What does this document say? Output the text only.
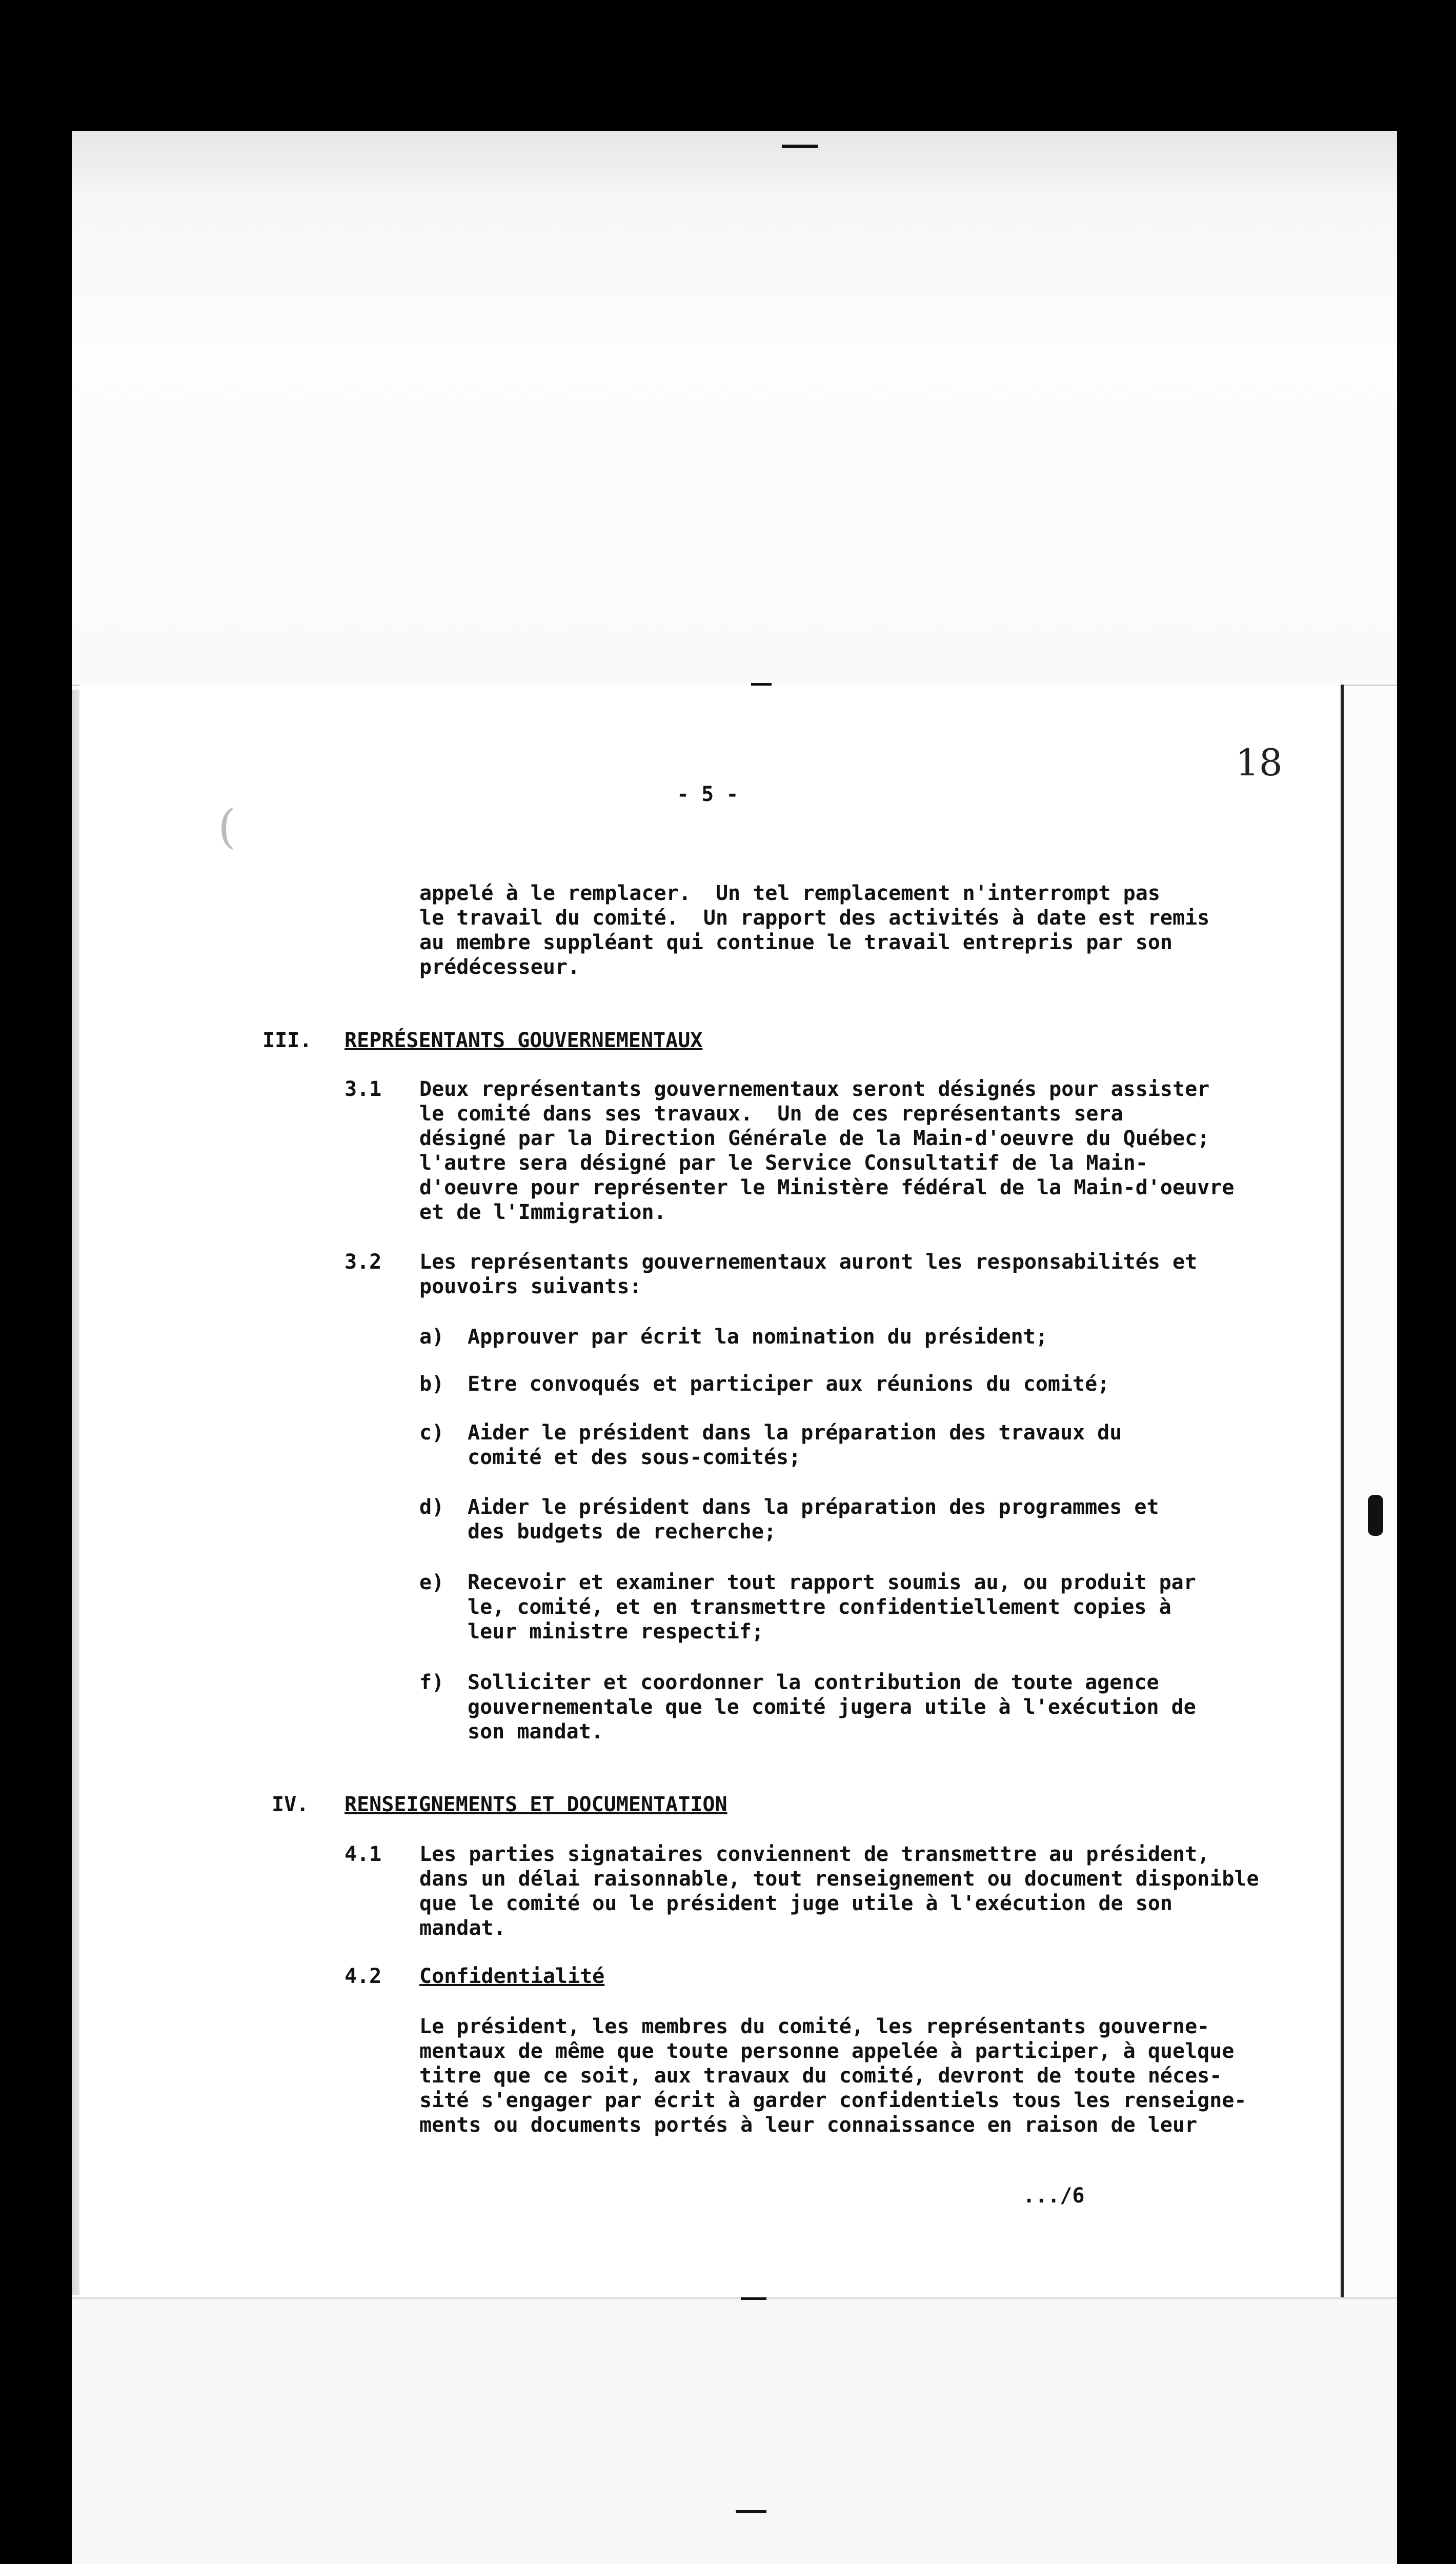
18
(
- 5 -
appelé à le remplacer.  Un tel remplacement n'interrompt pas
le travail du comité.  Un rapport des activités à date est remis
au membre suppléant qui continue le travail entrepris par son
prédécesseur.
III. REPRÉSENTANTS GOUVERNEMENTAUX
3.1 Deux représentants gouvernementaux seront désignés pour assister
le comité dans ses travaux.  Un de ces représentants sera
désigné par la Direction Générale de la Main-d'oeuvre du Québec;
l'autre sera désigné par le Service Consultatif de la Main-
d'oeuvre pour représenter le Ministère fédéral de la Main-d'oeuvre
et de l'Immigration.
3.2 Les représentants gouvernementaux auront les responsabilités et
pouvoirs suivants:
a) Approuver par écrit la nomination du président;
b) Etre convoqués et participer aux réunions du comité;
c) Aider le président dans la préparation des travaux du
comité et des sous-comités;
d) Aider le président dans la préparation des programmes et
des budgets de recherche;
e) Recevoir et examiner tout rapport soumis au, ou produit par
le, comité, et en transmettre confidentiellement copies à
leur ministre respectif;
f) Solliciter et coordonner la contribution de toute agence
gouvernementale que le comité jugera utile à l'exécution de
son mandat.
IV. RENSEIGNEMENTS ET DOCUMENTATION
4.1 Les parties signataires conviennent de transmettre au président,
dans un délai raisonnable, tout renseignement ou document disponible
que le comité ou le président juge utile à l'exécution de son
mandat.
4.2 Confidentialité
Le président, les membres du comité, les représentants gouverne-
mentaux de même que toute personne appelée à participer, à quelque
titre que ce soit, aux travaux du comité, devront de toute néces-
sité s'engager par écrit à garder confidentiels tous les renseigne-
ments ou documents portés à leur connaissance en raison de leur
.../6
